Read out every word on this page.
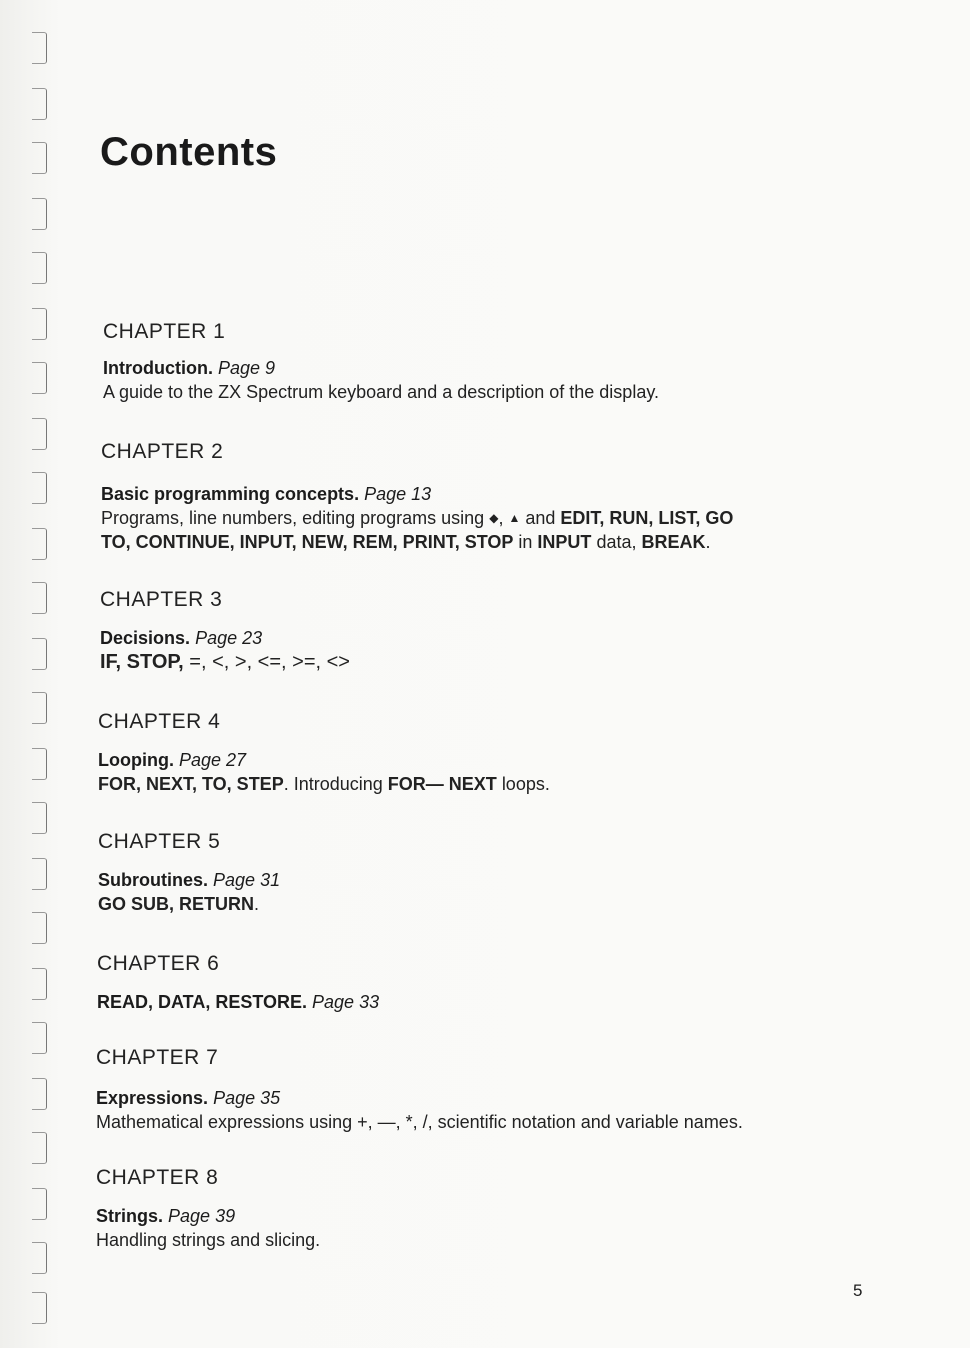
Contents
CHAPTER 1
Introduction. Page 9
A guide to the ZX Spectrum keyboard and a description of the display.
CHAPTER 2
Basic programming concepts. Page 13
Programs, line numbers, editing programs using ◆, ▲ and EDIT, RUN, LIST, GO
TO, CONTINUE, INPUT, NEW, REM, PRINT, STOP in INPUT data, BREAK.
CHAPTER 3
Decisions. Page 23
IF, STOP, =, <, >, <=, >=, <>
CHAPTER 4
Looping. Page 27
FOR, NEXT, TO, STEP. Introducing FOR— NEXT loops.
CHAPTER 5
Subroutines. Page 31
GO SUB, RETURN.
CHAPTER 6
READ, DATA, RESTORE. Page 33
CHAPTER 7
Expressions. Page 35
Mathematical expressions using +, —, *, /, scientific notation and variable names.
CHAPTER 8
Strings. Page 39
Handling strings and slicing.
5
